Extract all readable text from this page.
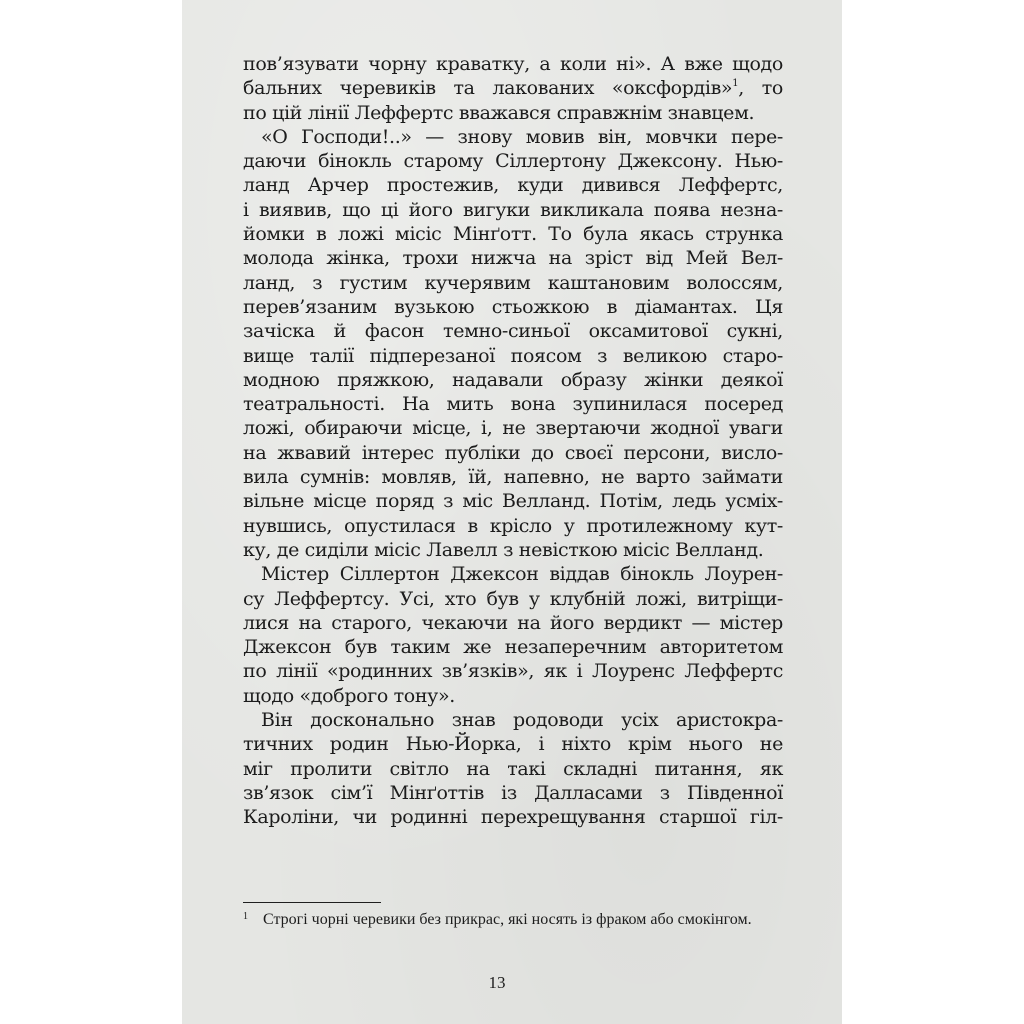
пов’язувати чорну краватку, а коли ні». А вже щодо
бальних черевиків та лакованих «оксфордів»$^1$, то
по цій лінії Леффертс вважався справжнім знавцем.
«О Господи!..» — знову мовив він, мовчки пере-
даючи бінокль старому Сіллертону Джексону. Нью-
ланд Арчер простежив, куди дивився Леффертс,
і виявив, що ці його вигуки викликала поява незна-
йомки в ложі місіс Мінґотт. То була якась струнка
молода жінка, трохи нижча на зріст від Мей Вел-
ланд, з густим кучерявим каштановим волоссям,
перев’язаним вузькою стьожкою в діамантах. Ця
зачіска й фасон темно-синьої оксамитової сукні,
вище талії підперезаної поясом з великою старо-
модною пряжкою, надавали образу жінки деякої
театральності. На мить вона зупинилася посеред
ложі, обираючи місце, і, не звертаючи жодної уваги
на жвавий інтерес публіки до своєї персони, висло-
вила сумнів: мовляв, їй, напевно, не варто займати
вільне місце поряд з міс Велланд. Потім, ледь усміх-
нувшись, опустилася в крісло у протилежному кут-
ку, де сиділи місіс Лавелл з невісткою місіс Велланд.
Містер Сіллертон Джексон віддав бінокль Лоурен-
су Леффертсу. Усі, хто був у клубній ложі, витріщи-
лися на старого, чекаючи на його вердикт — містер
Джексон був таким же незаперечним авторитетом
по лінії «родинних зв’язків», як і Лоуренс Леффертс
щодо «доброго тону».
Він досконально знав родоводи усіх аристокра-
тичних родин Нью-Йорка, і ніхто крім нього не
міг пролити світло на такі складні питання, як
зв’язок сім’ї Мінґоттів із Далласами з Південної
Кароліни, чи родинні перехрещування старшої гіл-
1 Строгі чорні черевики без прикрас, які носять із фраком або смокінгом.
13
